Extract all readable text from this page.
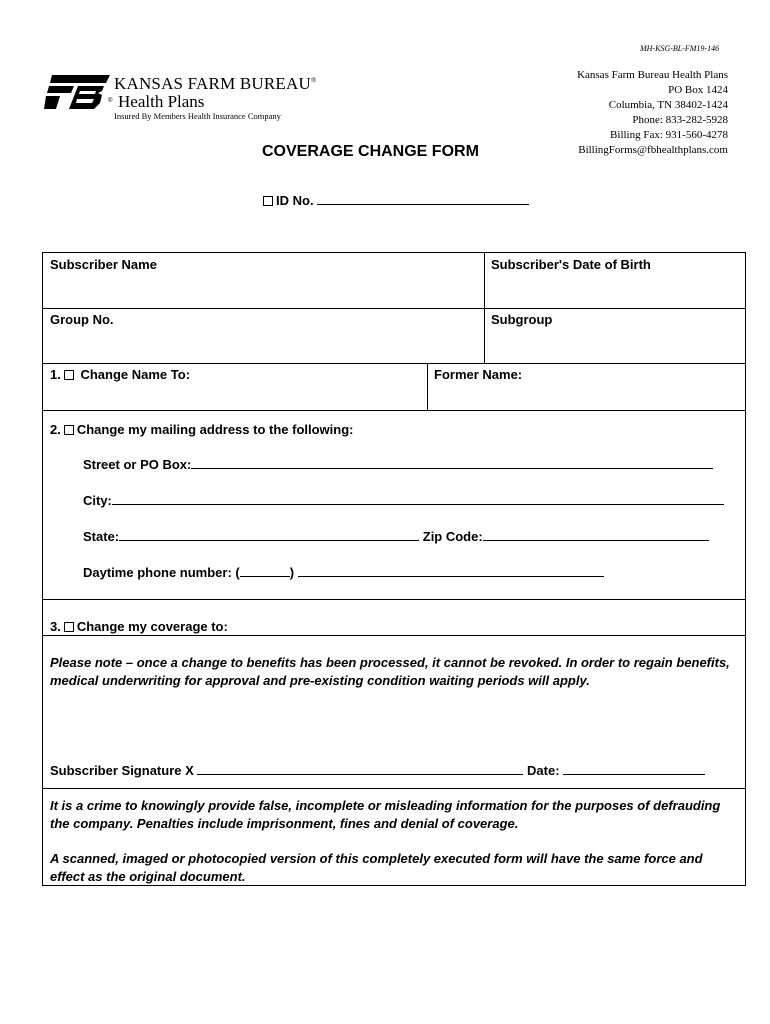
MH-KSG-BL-FM19-146
KANSAS FARM BUREAU®
® Health Plans
Insured By Members Health Insurance Company
Kansas Farm Bureau Health Plans
PO Box 1424
Columbia, TN 38402-1424
Phone: 833-282-5928
Billing Fax: 931-560-4278
BillingForms@fbhealthplans.com
COVERAGE CHANGE FORM
ID No.
Subscriber Name	Subscriber's Date of Birth
Group No.	Subgroup
1. Change Name To:	Former Name:
2. Change my mailing address to the following:
Street or PO Box:
City:
State:	Zip Code:
Daytime phone number: (	)
3. Change my coverage to:
Please note – once a change to benefits has been processed, it cannot be revoked. In order to regain benefits, medical underwriting for approval and pre-existing condition waiting periods will apply.
Subscriber Signature X	Date:
It is a crime to knowingly provide false, incomplete or misleading information for the purposes of defrauding the company. Penalties include imprisonment, fines and denial of coverage.
A scanned, imaged or photocopied version of this completely executed form will have the same force and effect as the original document.
